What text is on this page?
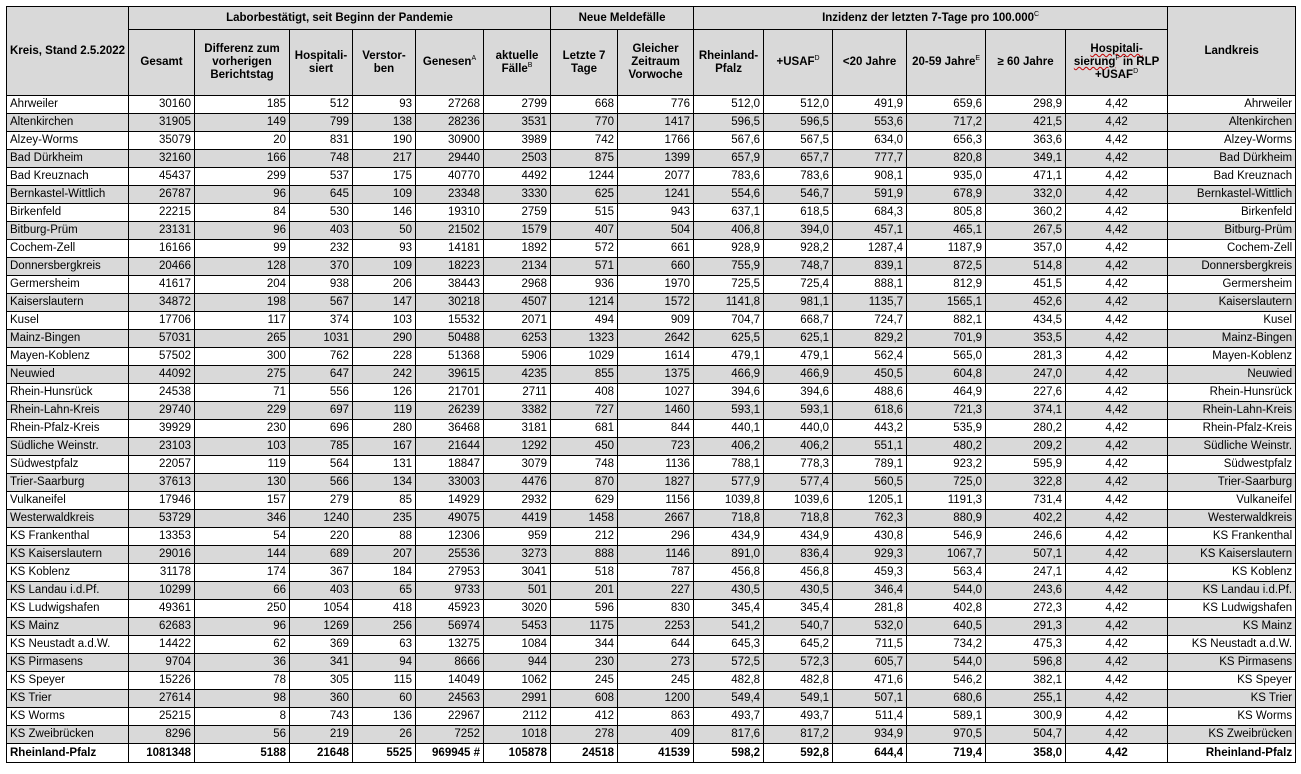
Kreis, Stand 2.5.2022	Laborbestätigt, seit Beginn der Pandemie						Neue Meldefälle		Inzidenz der letzten 7-Tage pro $100.000^C$						Landkreis
	Gesamt	Differenz zum vorherigen Berichtstag	Hospitali-siert	Verstor-ben	Genesen$^A$	aktuelle Fälle$^B$	Letzte 7 Tage	Gleicher Zeitraum Vorwoche	Rheinland-Pfalz	$+USAF^D$	<20 Jahre	20-59 Jahre$^E$	≥ 60 Jahre	Hospitali-sierung$^F$ in RLP $+USAF^D$
Ahrweiler	30160	185	512	93	27268	2799	668	776	512,0	512,0	491,9	659,6	298,9	4,42	Ahrweiler
Altenkirchen	31905	149	799	138	28236	3531	770	1417	596,5	596,5	553,6	717,2	421,5	4,42	Altenkirchen
Alzey-Worms	35079	20	831	190	30900	3989	742	1766	567,6	567,5	634,0	656,3	363,6	4,42	Alzey-Worms
Bad Dürkheim	32160	166	748	217	29440	2503	875	1399	657,9	657,7	777,7	820,8	349,1	4,42	Bad Dürkheim
Bad Kreuznach	45437	299	537	175	40770	4492	1244	2077	783,6	783,6	908,1	935,0	471,1	4,42	Bad Kreuznach
Bernkastel-Wittlich	26787	96	645	109	23348	3330	625	1241	554,6	546,7	591,9	678,9	332,0	4,42	Bernkastel-Wittlich
Birkenfeld	22215	84	530	146	19310	2759	515	943	637,1	618,5	684,3	805,8	360,2	4,42	Birkenfeld
Bitburg-Prüm	23131	96	403	50	21502	1579	407	504	406,8	394,0	457,1	465,1	267,5	4,42	Bitburg-Prüm
Cochem-Zell	16166	99	232	93	14181	1892	572	661	928,9	928,2	1287,4	1187,9	357,0	4,42	Cochem-Zell
Donnersbergkreis	20466	128	370	109	18223	2134	571	660	755,9	748,7	839,1	872,5	514,8	4,42	Donnersbergkreis
Germersheim	41617	204	938	206	38443	2968	936	1970	725,5	725,4	888,1	812,9	451,5	4,42	Germersheim
Kaiserslautern	34872	198	567	147	30218	4507	1214	1572	1141,8	981,1	1135,7	1565,1	452,6	4,42	Kaiserslautern
Kusel	17706	117	374	103	15532	2071	494	909	704,7	668,7	724,7	882,1	434,5	4,42	Kusel
Mainz-Bingen	57031	265	1031	290	50488	6253	1323	2642	625,5	625,1	829,2	701,9	353,5	4,42	Mainz-Bingen
Mayen-Koblenz	57502	300	762	228	51368	5906	1029	1614	479,1	479,1	562,4	565,0	281,3	4,42	Mayen-Koblenz
Neuwied	44092	275	647	242	39615	4235	855	1375	466,9	466,9	450,5	604,8	247,0	4,42	Neuwied
Rhein-Hunsrück	24538	71	556	126	21701	2711	408	1027	394,6	394,6	488,6	464,9	227,6	4,42	Rhein-Hunsrück
Rhein-Lahn-Kreis	29740	229	697	119	26239	3382	727	1460	593,1	593,1	618,6	721,3	374,1	4,42	Rhein-Lahn-Kreis
Rhein-Pfalz-Kreis	39929	230	696	280	36468	3181	681	844	440,1	440,0	443,2	535,9	280,2	4,42	Rhein-Pfalz-Kreis
Südliche Weinstr.	23103	103	785	167	21644	1292	450	723	406,2	406,2	551,1	480,2	209,2	4,42	Südliche Weinstr.
Südwestpfalz	22057	119	564	131	18847	3079	748	1136	788,1	778,3	789,1	923,2	595,9	4,42	Südwestpfalz
Trier-Saarburg	37613	130	566	134	33003	4476	870	1827	577,9	577,4	560,5	725,0	322,8	4,42	Trier-Saarburg
Vulkaneifel	17946	157	279	85	14929	2932	629	1156	1039,8	1039,6	1205,1	1191,3	731,4	4,42	Vulkaneifel
Westerwaldkreis	53729	346	1240	235	49075	4419	1458	2667	718,8	718,8	762,3	880,9	402,2	4,42	Westerwaldkreis
KS Frankenthal	13353	54	220	88	12306	959	212	296	434,9	434,9	430,8	546,9	246,6	4,42	KS Frankenthal
KS Kaiserslautern	29016	144	689	207	25536	3273	888	1146	891,0	836,4	929,3	1067,7	507,1	4,42	KS Kaiserslautern
KS Koblenz	31178	174	367	184	27953	3041	518	787	456,8	456,8	459,3	563,4	247,1	4,42	KS Koblenz
KS Landau i.d.Pf.	10299	66	403	65	9733	501	201	227	430,5	430,5	346,4	544,0	243,6	4,42	KS Landau i.d.Pf.
KS Ludwigshafen	49361	250	1054	418	45923	3020	596	830	345,4	345,4	281,8	402,8	272,3	4,42	KS Ludwigshafen
KS Mainz	62683	96	1269	256	56974	5453	1175	2253	541,2	540,7	532,0	640,5	291,3	4,42	KS Mainz
KS Neustadt a.d.W.	14422	62	369	63	13275	1084	344	644	645,3	645,2	711,5	734,2	475,3	4,42	KS Neustadt a.d.W.
KS Pirmasens	9704	36	341	94	8666	944	230	273	572,5	572,3	605,7	544,0	596,8	4,42	KS Pirmasens
KS Speyer	15226	78	305	115	14049	1062	245	245	482,8	482,8	471,6	546,2	382,1	4,42	KS Speyer
KS Trier	27614	98	360	60	24563	2991	608	1200	549,4	549,1	507,1	680,6	255,1	4,42	KS Trier
KS Worms	25215	8	743	136	22967	2112	412	863	493,7	493,7	511,4	589,1	300,9	4,42	KS Worms
KS Zweibrücken	8296	56	219	26	7252	1018	278	409	817,6	817,2	934,9	970,5	504,7	4,42	KS Zweibrücken
Rheinland-Pfalz	1081348	5188	21648	5525	969945 #	105878	24518	41539	598,2	592,8	644,4	719,4	358,0	4,42	Rheinland-Pfalz
